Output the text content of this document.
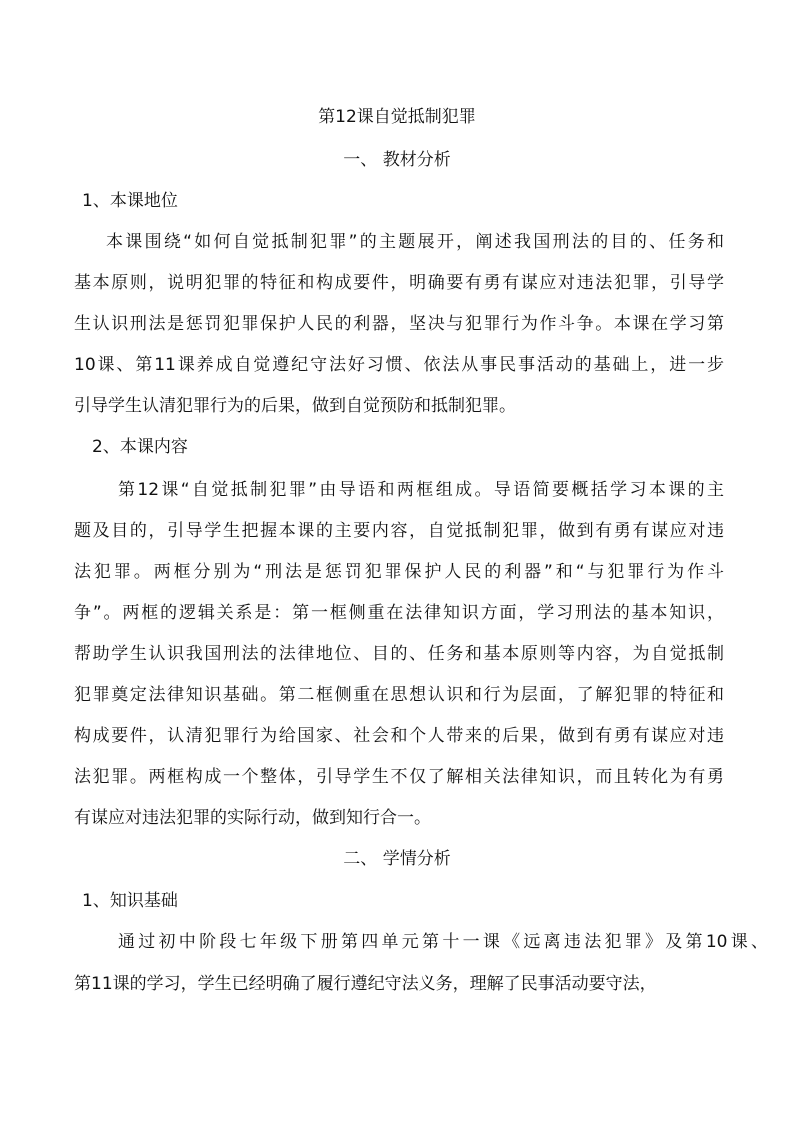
第12课自觉抵制犯罪
一、 教材分析
1、本课地位
本课围绕“如何自觉抵制犯罪”的主题展开，阐述我国刑法的目的、任务和
基本原则，说明犯罪的特征和构成要件，明确要有勇有谋应对违法犯罪，引导学
生认识刑法是惩罚犯罪保护人民的利器，坚决与犯罪行为作斗争。本课在学习第
10课、第11课养成自觉遵纪守法好习惯、依法从事民事活动的基础上，进一步
引导学生认清犯罪行为的后果，做到自觉预防和抵制犯罪。
2、本课内容
第12课“自觉抵制犯罪”由导语和两框组成。导语简要概括学习本课的主
题及目的，引导学生把握本课的主要内容，自觉抵制犯罪，做到有勇有谋应对违
法犯罪。两框分别为“刑法是惩罚犯罪保护人民的利器”和“与犯罪行为作斗
争”。两框的逻辑关系是：第一框侧重在法律知识方面，学习刑法的基本知识，
帮助学生认识我国刑法的法律地位、目的、任务和基本原则等内容，为自觉抵制
犯罪奠定法律知识基础。第二框侧重在思想认识和行为层面，了解犯罪的特征和
构成要件，认清犯罪行为给国家、社会和个人带来的后果，做到有勇有谋应对违
法犯罪。两框构成一个整体，引导学生不仅了解相关法律知识，而且转化为有勇
有谋应对违法犯罪的实际行动，做到知行合一。
二、 学情分析
1、知识基础
通过初中阶段七年级下册第四单元第十一课《远离违法犯罪》及第10课、
第11课的学习，学生已经明确了履行遵纪守法义务，理解了民事活动要守法，
